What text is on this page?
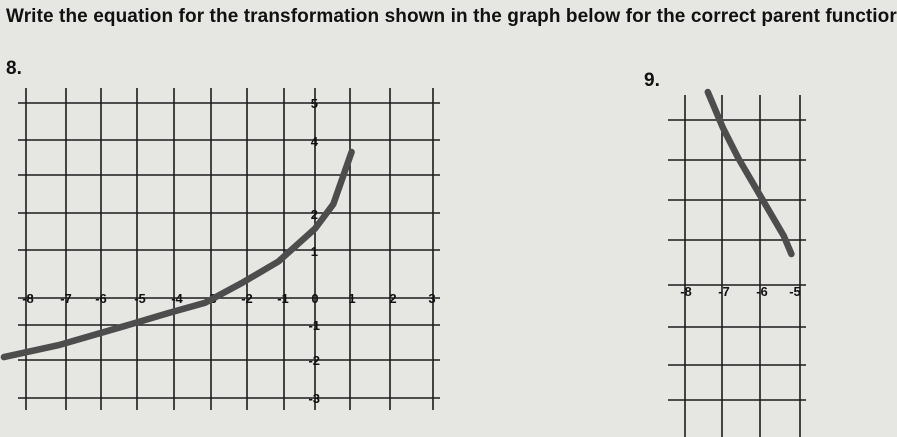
Write the equation for the transformation shown in the graph below for the correct parent functior
8.
9.
-8 -7 -6 -5 -4 -3 -2 -1 0 1	2 3
5
4
2
1
-1
-2
-3
-8 -7 -6 -5
